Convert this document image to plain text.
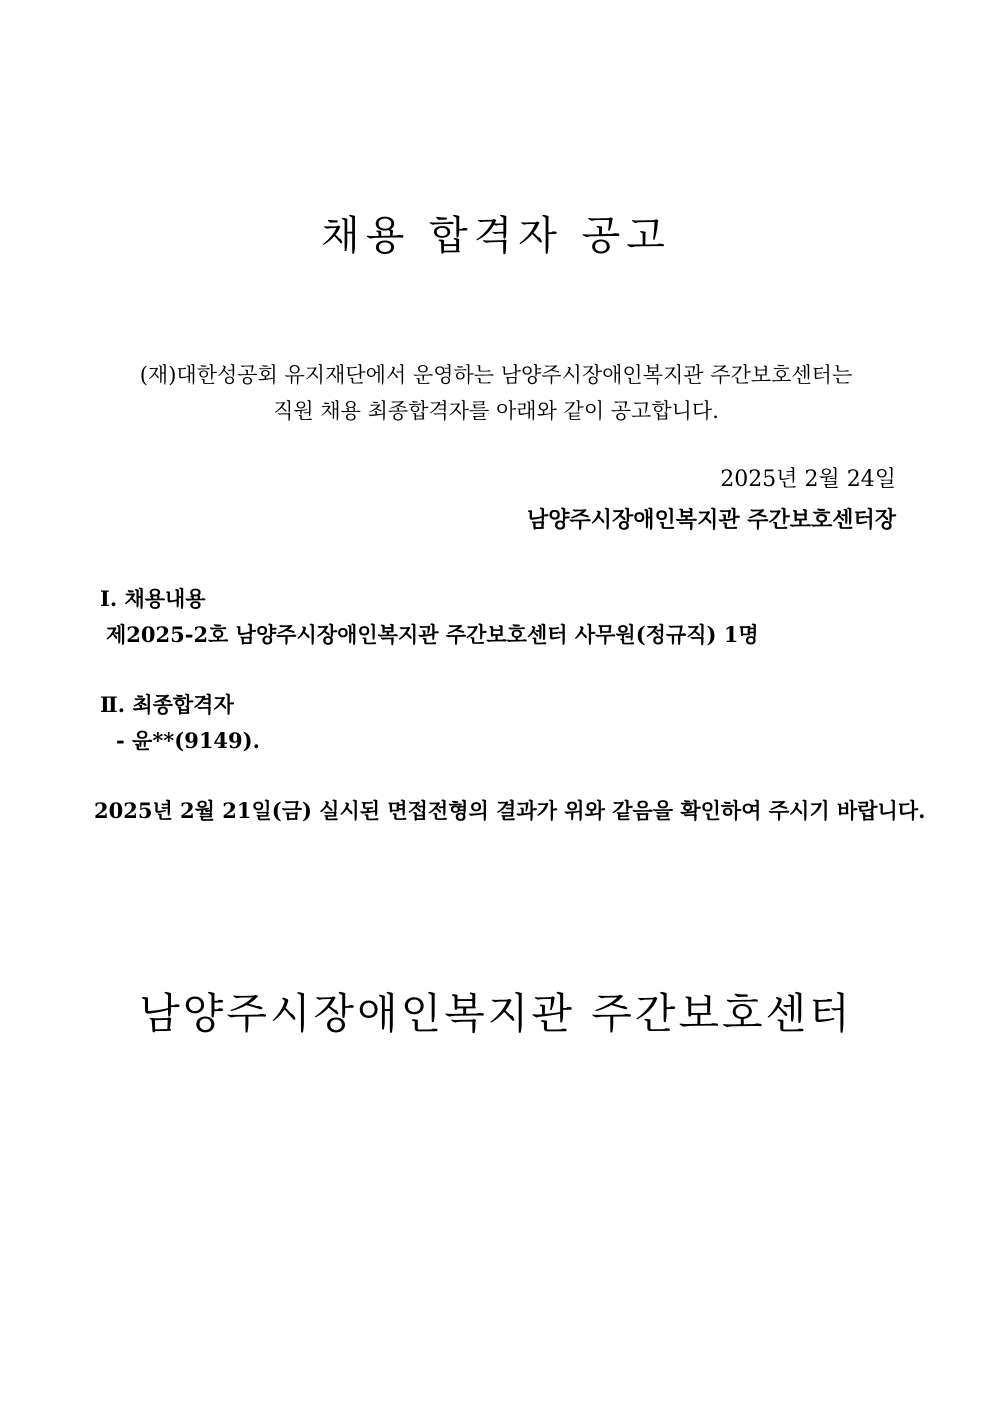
채용 합격자 공고
(재)대한성공회 유지재단에서 운영하는 남양주시장애인복지관 주간보호센터는
직원 채용 최종합격자를 아래와 같이 공고합니다.
2025년 2월 24일
남양주시장애인복지관 주간보호센터장
Ⅰ. 채용내용
제2025-2호 남양주시장애인복지관 주간보호센터 사무원(정규직) 1명
Ⅱ. 최종합격자
- 윤**(9149).
2025년 2월 21일(금) 실시된 면접전형의 결과가 위와 같음을 확인하여 주시기 바랍니다.
남양주시장애인복지관 주간보호센터
